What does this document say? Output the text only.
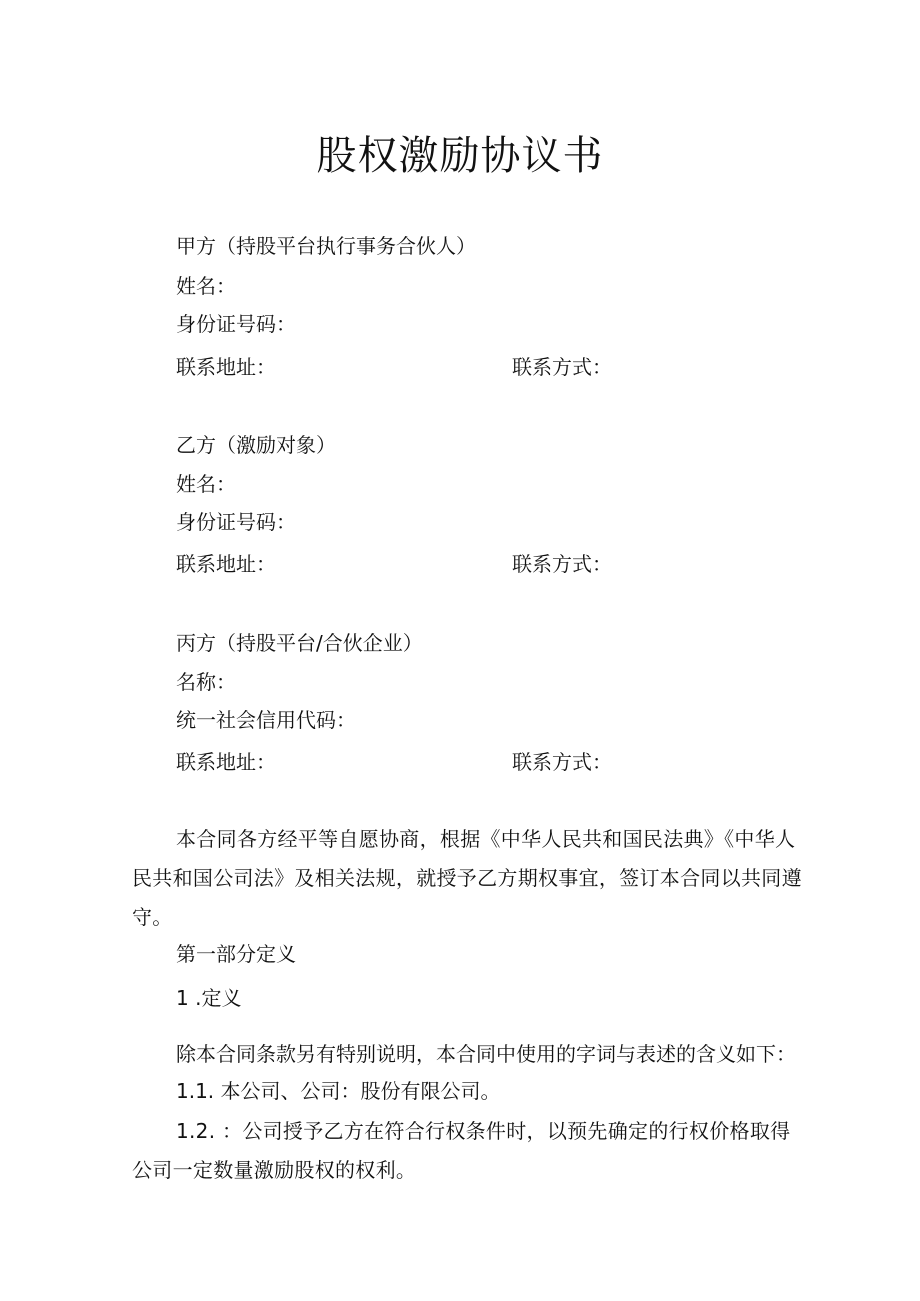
股权激励协议书
甲方（持股平台执行事务合伙人）
姓名：
身份证号码：
联系地址：	联系方式：
乙方（激励对象）
姓名：
身份证号码：
联系地址：	联系方式：
丙方（持股平台/合伙企业）
名称：
统一社会信用代码：
联系地址：	联系方式：
本合同各方经平等自愿协商，根据《中华人民共和国民法典》《中华人民共和国公司法》及相关法规，就授予乙方期权事宜，签订本合同以共同遵守。
第一部分定义
1 .定义
除本合同条款另有特别说明，本合同中使用的字词与表述的含义如下：
1.1. 本公司、公司：股份有限公司。
1.2. ：公司授予乙方在符合行权条件时，以预先确定的行权价格取得公司一定数量激励股权的权利。
